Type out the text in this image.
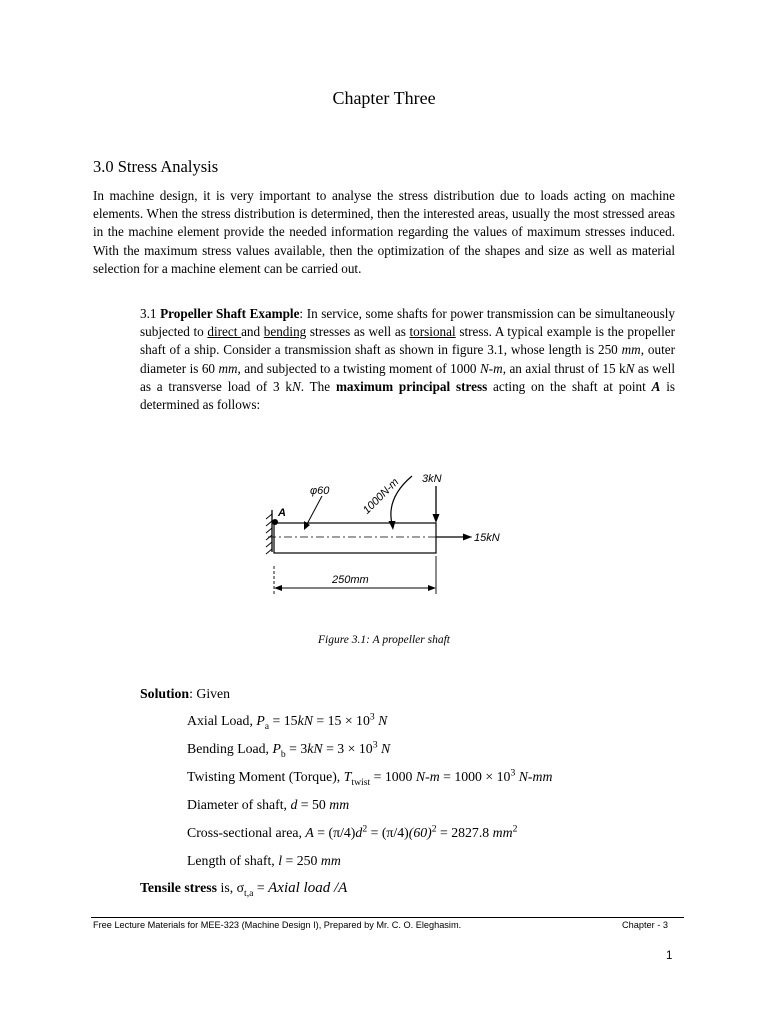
Chapter Three
3.0 Stress Analysis
In machine design, it is very important to analyse the stress distribution due to loads acting on machine elements. When the stress distribution is determined, then the interested areas, usually the most stressed areas in the machine element provide the needed information regarding the values of maximum stresses induced. With the maximum stress values available, then the optimization of the shapes and size as well as material selection for a machine element can be carried out.
3.1 Propeller Shaft Example: In service, some shafts for power transmission can be simultaneously subjected to direct and bending stresses as well as torsional stress. A typical example is the propeller shaft of a ship. Consider a transmission shaft as shown in figure 3.1, whose length is 250 mm, outer diameter is 60 mm, and subjected to a twisting moment of 1000 N-m, an axial thrust of 15 kN as well as a transverse load of 3 kN. The maximum principal stress acting on the shaft at point A is determined as follows:
15kN
3kN
1000N-m
φ60
A
250mm
Figure 3.1: A propeller shaft
Solution: Given
Axial Load, $P_a = 15kN = 15 \times 10^3$ N
Bending Load, $P_b = 3kN = 3 \times 10^3$ N
Twisting Moment (Torque), $T_{twist} = 1000$ $N-m = 1000 \times 10^3$ N-mm
Diameter of shaft, d = 50 mm
Cross-sectional area, $A = (\pi/4)d^2 = (\pi/4)(60)^2 = 2827.8$ $mm^2$
Length of shaft, l = 250 mm
Tensile stress is, $\sigma_{t,a}$ = Axial load /A
Free Lecture Materials for MEE-323 (Machine Design I), Prepared by Mr. C. O. Eleghasim.	Chapter - 3
1
